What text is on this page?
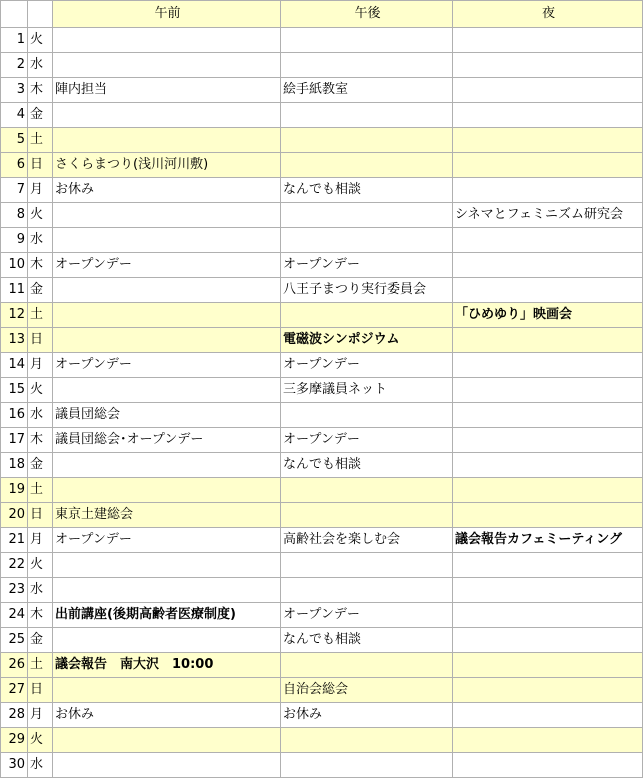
		午前	午後	夜
1	火			
2	水			
3	木	陣内担当	絵手紙教室	
4	金			
5	土			
6	日	さくらまつり(浅川河川敷)		
7	月	お休み	なんでも相談	
8	火			シネマとフェミニズム研究会
9	水			
10	木	オープンデー	オープンデー	
11	金		八王子まつり実行委員会	
12	土			「ひめゆり」映画会
13	日		電磁波シンポジウム	
14	月	オープンデー	オープンデー	
15	火		三多摩議員ネット	
16	水	議員団総会		
17	木	議員団総会･オープンデー	オープンデー	
18	金		なんでも相談	
19	土			
20	日	東京土建総会		
21	月	オープンデー	高齢社会を楽しむ会	議会報告カフェミーティング
22	火			
23	水			
24	木	出前講座(後期高齢者医療制度)	オープンデー	
25	金		なんでも相談	
26	土	議会報告　南大沢　10:00		
27	日		自治会総会	
28	月	お休み	お休み	
29	火			
30	水			
